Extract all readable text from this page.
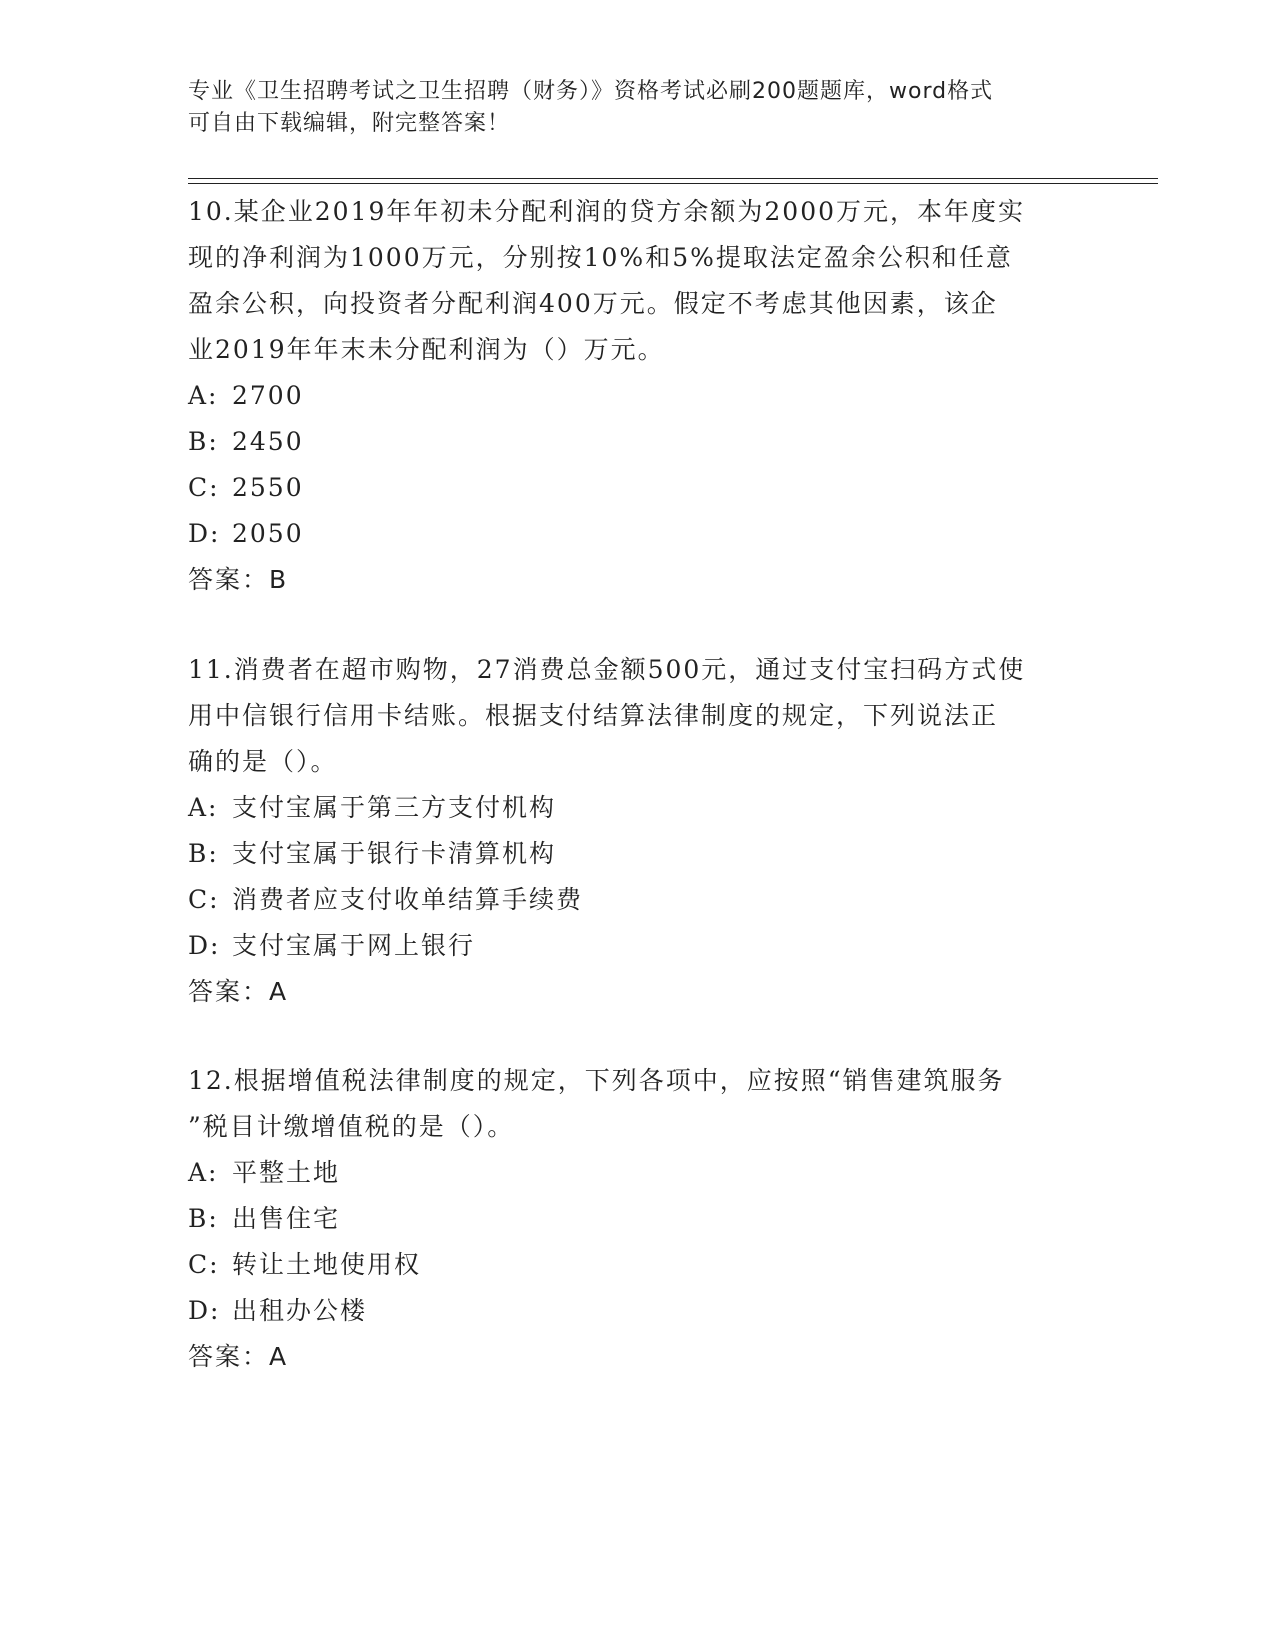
专业《卫生招聘考试之卫生招聘（财务）》资格考试必刷200题题库，word格式
可自由下载编辑，附完整答案！
10.某企业2019年年初未分配利润的贷方余额为2000万元，本年度实
现的净利润为1000万元，分别按10%和5%提取法定盈余公积和任意
盈余公积，向投资者分配利润400万元。假定不考虑其他因素，该企
业2019年年末未分配利润为（）万元。
A: 2700
B: 2450
C: 2550
D: 2050
答案：B
11.消费者在超市购物，27消费总金额500元，通过支付宝扫码方式使
用中信银行信用卡结账。根据支付结算法律制度的规定，下列说法正
确的是（）。
A: 支付宝属于第三方支付机构
B: 支付宝属于银行卡清算机构
C: 消费者应支付收单结算手续费
D: 支付宝属于网上银行
答案：A
12.根据增值税法律制度的规定，下列各项中，应按照“销售建筑服务
”税目计缴增值税的是（）。
A: 平整土地
B: 出售住宅
C: 转让土地使用权
D: 出租办公楼
答案：A
